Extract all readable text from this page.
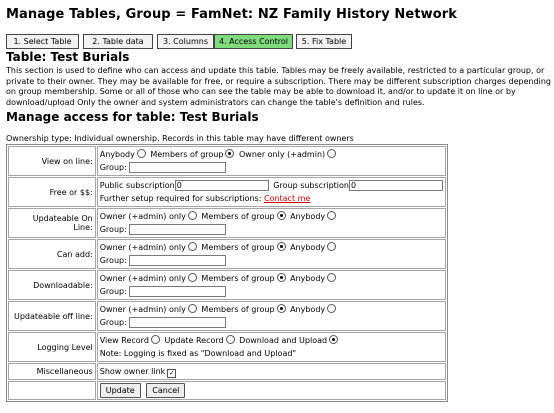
Manage Tables, Group = FamNet: NZ Family History Network
1. Select Table	2. Table data	3. Columns	4. Access Control	5. Fix Table
Table: Test Burials
This section is used to define who can access and update this table. Tables may be freely available, restricted to a particular group, or private to their owner. They may be available for free, or require a subscription. There may be different subscription charges depending on group membership. Some or all of those who can see the table may be able to download it, and/or to update it on line or by download/upload Only the owner and system administrators can change the table's definition and rules.
Manage access for table: Test Burials
Ownership type: Individual ownership. Records in this table may have different owners
View on line:	Anybody Members of group Owner only (+admin)
Group:

Free or $$:	Public subscription 0 Group subscription 0
Further setup required for subscriptions: Contact me

Updateable On Line:	Owner (+admin) only Members of group Anybody
Group:

Can add:	Owner (+admin) only Members of group Anybody
Group:

Downloadable:	Owner (+admin) only Members of group Anybody
Group:

Updateable off line:	Owner (+admin) only Members of group Anybody
Group:

Logging Level	View Record Update Record Download and Upload
Note: Logging is fixed as "Download and Upload"

Miscellaneous	Show owner link ✓

	Update Cancel
